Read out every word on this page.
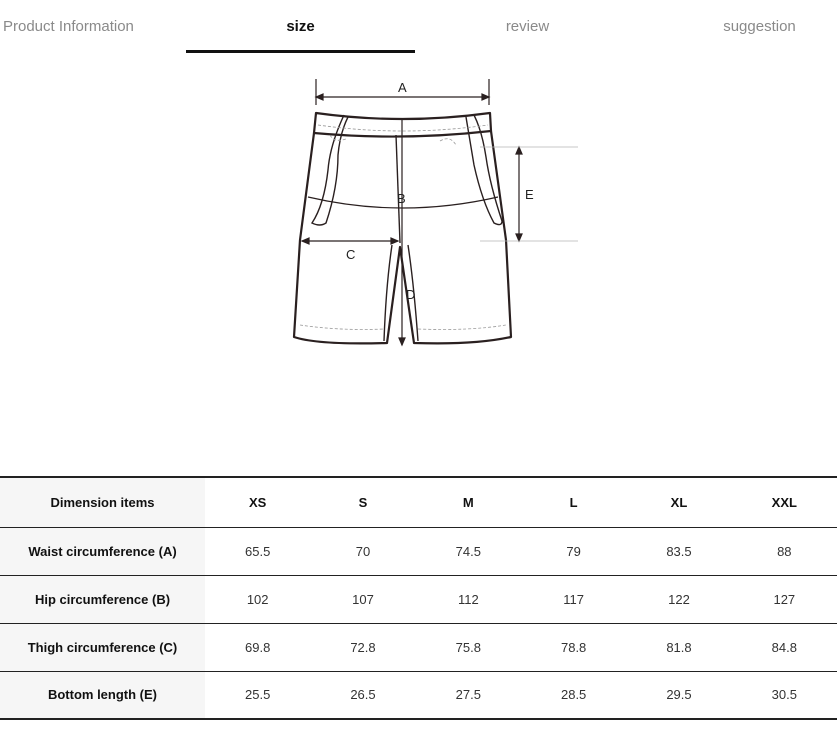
Product Information	size	review	suggestion
A
B
C
D
E
Dimension items	XS	S	M	L	XL	XXL
Waist circumference (A)	65.5	70	74.5	79	83.5	88
Hip circumference (B)	102	107	112	117	122	127
Thigh circumference (C)	69.8	72.8	75.8	78.8	81.8	84.8
Bottom length (E)	25.5	26.5	27.5	28.5	29.5	30.5
